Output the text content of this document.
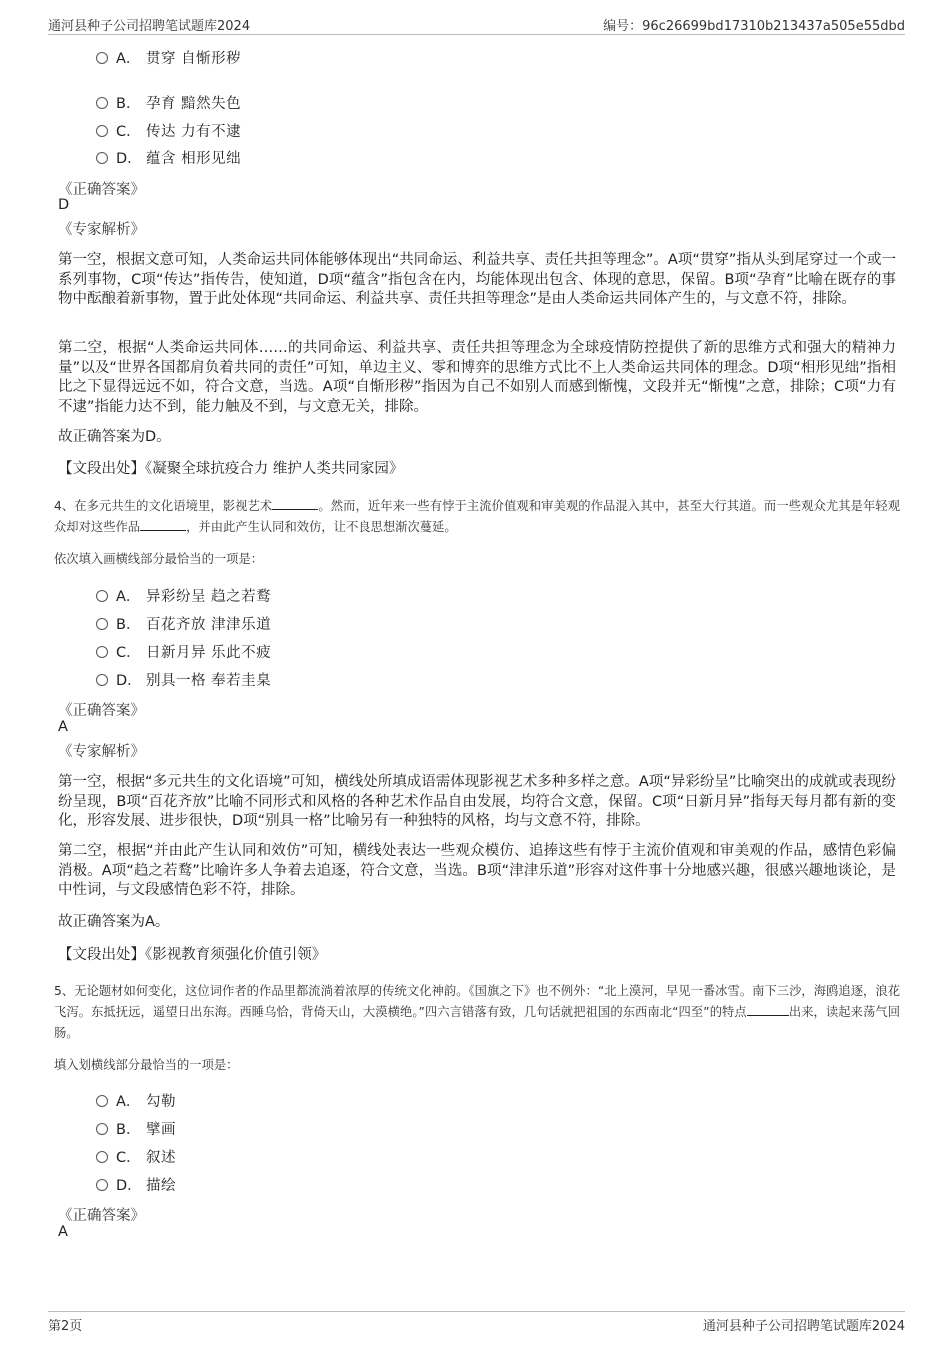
通河县种子公司招聘笔试题库2024	编号：96c26699bd17310b213437a505e55dbd
A． 贯穿 自惭形秽
B． 孕育 黯然失色
C． 传达 力有不逮
D． 蕴含 相形见绌
《正确答案》
D
《专家解析》
第一空，根据文意可知，人类命运共同体能够体现出“共同命运、利益共享、责任共担等理念”。A项“贯穿”指从头到尾穿过一个或一系列事物，C项“传达”指传告，使知道，D项“蕴含”指包含在内，均能体现出包含、体现的意思，保留。B项“孕育”比喻在既存的事物中酝酿着新事物，置于此处体现“共同命运、利益共享、责任共担等理念”是由人类命运共同体产生的，与文意不符，排除。
第二空，根据“人类命运共同体……的共同命运、利益共享、责任共担等理念为全球疫情防控提供了新的思维方式和强大的精神力量”以及“世界各国都肩负着共同的责任”可知，单边主义、零和博弈的思维方式比不上人类命运共同体的理念。D项“相形见绌”指相比之下显得远远不如，符合文意，当选。A项“自惭形秽”指因为自己不如别人而感到惭愧，文段并无“惭愧”之意，排除；C项“力有不逮”指能力达不到，能力触及不到，与文意无关，排除。
故正确答案为D。
【文段出处】《凝聚全球抗疫合力 维护人类共同家园》
4、在多元共生的文化语境里，影视艺术	。然而，近年来一些有悖于主流价值观和审美观的作品混入其中，甚至大行其道。而一些观众尤其是年轻观众却对这些作品	，并由此产生认同和效仿，让不良思想渐次蔓延。
依次填入画横线部分最恰当的一项是：
A． 异彩纷呈 趋之若鹜
B． 百花齐放 津津乐道
C． 日新月异 乐此不疲
D． 别具一格 奉若圭臬
《正确答案》
A
《专家解析》
第一空，根据“多元共生的文化语境”可知，横线处所填成语需体现影视艺术多种多样之意。A项“异彩纷呈”比喻突出的成就或表现纷纷呈现，B项“百花齐放”比喻不同形式和风格的各种艺术作品自由发展，均符合文意，保留。C项“日新月异”指每天每月都有新的变化，形容发展、进步很快，D项“别具一格”比喻另有一种独特的风格，均与文意不符，排除。
第二空，根据“并由此产生认同和效仿”可知，横线处表达一些观众模仿、追捧这些有悖于主流价值观和审美观的作品，感情色彩偏消极。A项“趋之若鹜”比喻许多人争着去追逐，符合文意，当选。B项“津津乐道”形容对这件事十分地感兴趣，很感兴趣地谈论，是中性词，与文段感情色彩不符，排除。
故正确答案为A。
【文段出处】《影视教育须强化价值引领》
5、无论题材如何变化，这位词作者的作品里都流淌着浓厚的传统文化神韵。《国旗之下》也不例外：“北上漠河，早见一番冰雪。南下三沙，海鸥追逐，浪花飞泻。东抵抚远，遥望日出东海。西睡乌恰，背倚天山，大漠横绝。”四六言错落有致，几句话就把祖国的东西南北“四至”的特点	出来，读起来荡气回肠。
填入划横线部分最恰当的一项是：
A． 勾勒
B． 擘画
C． 叙述
D． 描绘
《正确答案》
A
第2页	通河县种子公司招聘笔试题库2024
